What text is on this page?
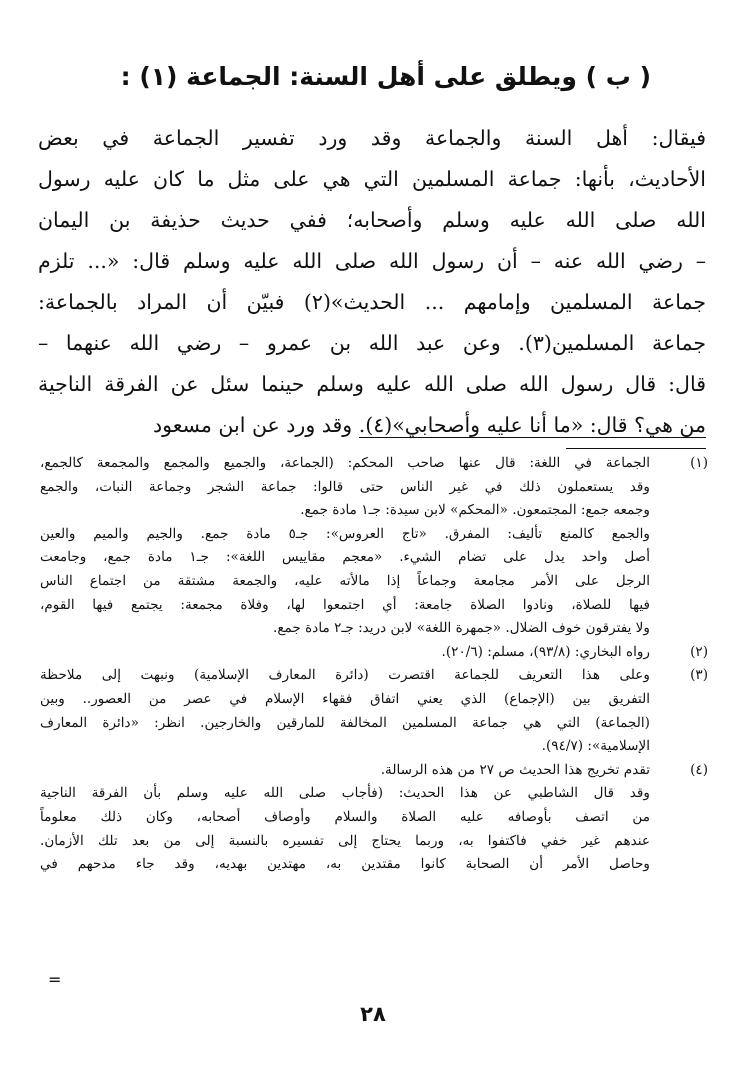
( ب ) ويطلق على أهل السنة: الجماعة (١) :
فيقال: أهل السنة والجماعة وقد ورد تفسير الجماعة في بعض
الأحاديث، بأنها: جماعة المسلمين التي هي على مثل ما كان عليه رسول
الله صلى الله عليه وسلم وأصحابه؛ ففي حديث حذيفة بن اليمان
– رضي الله عنه – أن رسول الله صلى الله عليه وسلم قال: «... تلزم
جماعة المسلمين وإمامهم ... الحديث»(٢) فبيّن أن المراد بالجماعة:
جماعة المسلمين(٣). وعن عبد الله بن عمرو – رضي الله عنهما –
قال: قال رسول الله صلى الله عليه وسلم حينما سئل عن الفرقة الناجية
من هي؟ قال: «ما أنا عليه وأصحابي»(٤). وقد ورد عن ابن مسعود
(١)
الجماعة في اللغة: قال عنها صاحب المحكم: (الجماعة، والجميع والمجمع والمجمعة كالجمع،
وقد يستعملون ذلك في غير الناس حتى قالوا: جماعة الشجر وجماعة النبات، والجمع
وجمعه جمع: المجتمعون. «المحكم» لابن سيدة: جـ١ مادة جمع.
والجمع كالمنع تأليف: المفرق. «تاج العروس»: جـ٥ مادة جمع. والجيم والميم والعين
أصل واحد يدل على تضام الشيء. «معجم مقاييس اللغة»: جـ١ مادة جمع، وجامعت
الرجل على الأمر مجامعة وجماعاً إذا مالأته عليه، والجمعة مشتقة من اجتماع الناس
فيها للصلاة، ونادوا الصلاة جامعة: أي اجتمعوا لها، وفلاة مجمعة: يجتمع فيها القوم،
ولا يفترقون خوف الضلال. «جمهرة اللغة» لابن دريد: جـ٢ مادة جمع.
(٢)
رواه البخاري: (٩٣/٨)، مسلم: (٢٠/٦).
(٣)
وعلى هذا التعريف للجماعة اقتصرت (دائرة المعارف الإسلامية) ونبهت إلى ملاحظة
التفريق بين (الإجماع) الذي يعني اتفاق فقهاء الإسلام في عصر من العصور.. وبين
(الجماعة) التي هي جماعة المسلمين المخالفة للمارقين والخارجين. انظر: «دائرة المعارف
الإسلامية»: (٩٤/٧).
(٤)
تقدم تخريج هذا الحديث ص ٢٧ من هذه الرسالة.
وقد قال الشاطبي عن هذا الحديث: (فأجاب صلى الله عليه وسلم بأن الفرقة الناجية
من اتصف بأوصافه عليه الصلاة والسلام وأوصاف أصحابه، وكان ذلك معلوماً
عندهم غير خفي فاكتفوا به، وربما يحتاج إلى تفسيره بالنسبة إلى من بعد تلك الأزمان.
وحاصل الأمر أن الصحابة كانوا مقتدين به، مهتدين بهديه، وقد جاء مدحهم في
=
٢٨
